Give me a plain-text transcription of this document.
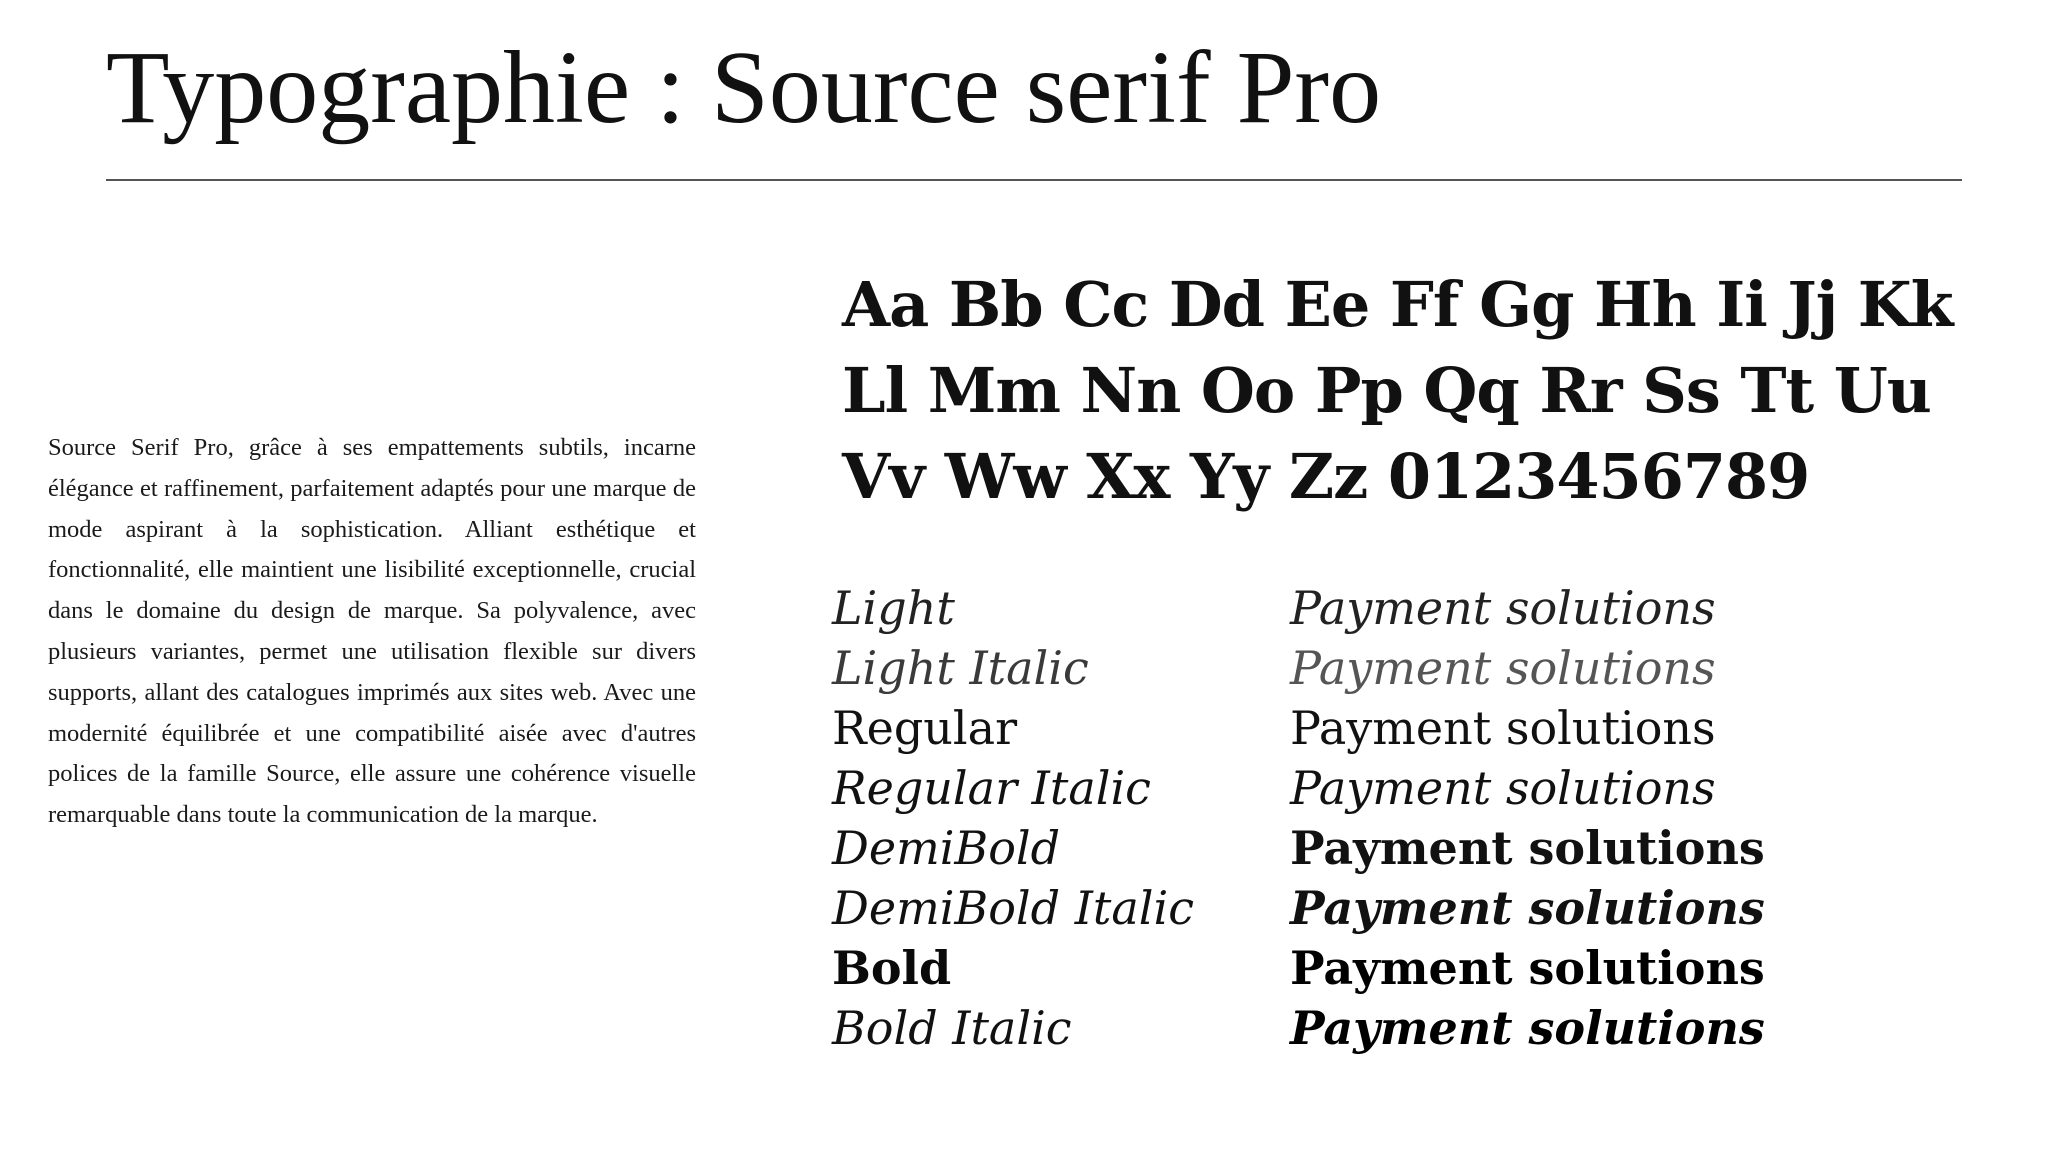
Typographie : Source serif Pro

Source Serif Pro, grâce à ses empattements subtils, incarne élégance et raffinement, parfaitement adaptés pour une marque de mode aspirant à la sophistication. Alliant esthétique et fonctionnalité, elle maintient une lisibilité exceptionnelle, crucial dans le domaine du design de marque. Sa polyvalence, avec plusieurs variantes, permet une utilisation flexible sur divers supports, allant des catalogues imprimés aux sites web. Avec une modernité équilibrée et une compatibilité aisée avec d'autres polices de la famille Source, elle assure une cohérence visuelle remarquable dans toute la communication de la marque.

Aa Bb Cc Dd Ee Ff Gg Hh Ii Jj Kk
Ll Mm Nn Oo Pp Qq Rr Ss Tt Uu
Vv Ww Xx Yy Zz 0123456789
Light	Payment solutions
Light Italic	Payment solutions
Regular	Payment solutions
Regular Italic	Payment solutions
DemiBold	Payment solutions
DemiBold Italic	Payment solutions
Bold	Payment solutions
Bold Italic	Payment solutions
